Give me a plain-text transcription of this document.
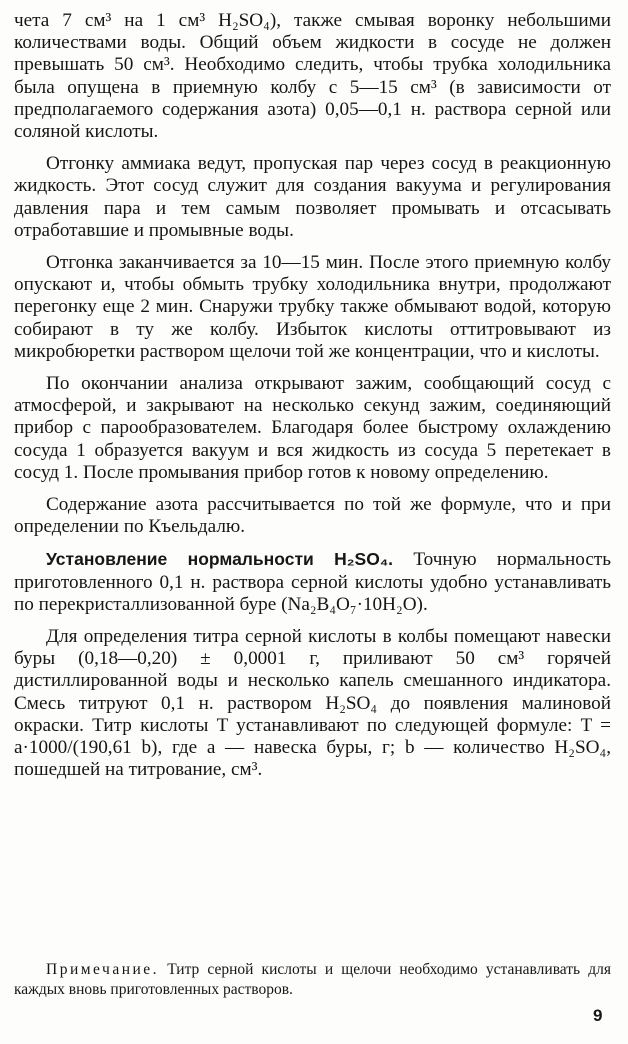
чета 7 см³ на 1 см³ H₂SO₄), также смывая воронку небольшими количествами воды. Общий объем жидкости в сосуде не должен превышать 50 см³. Необходимо следить, чтобы трубка холодильника была опущена в приемную колбу с 5—15 см³ (в зависимости от предполагаемого содержания азота) 0,05—0,1 н. раствора серной или соляной кислоты.

Отгонку аммиака ведут, пропуская пар через сосуд в реакционную жидкость. Этот сосуд служит для создания вакуума и регулирования давления пара и тем самым позволяет промывать и отсасывать отработавшие и промывные воды.

Отгонка заканчивается за 10—15 мин. После этого приемную колбу опускают и, чтобы обмыть трубку холодильника внутри, продолжают перегонку еще 2 мин. Снаружи трубку также обмывают водой, которую собирают в ту же колбу. Избыток кислоты оттитровывают из микробюретки раствором щелочи той же концентрации, что и кислоты.

По окончании анализа открывают зажим, сообщающий сосуд с атмосферой, и закрывают на несколько секунд зажим, соединяющий прибор с парообразователем. Благодаря более быстрому охлаждению сосуда 1 образуется вакуум и вся жидкость из сосуда 5 перетекает в сосуд 1. После промывания прибор готов к новому определению.

Содержание азота рассчитывается по той же формуле, что и при определении по Къельдалю.

Установление нормальности H₂SO₄. Точную нормальность приготовленного 0,1 н. раствора серной кислоты удобно устанавливать по перекристаллизованной буре (Na₂B₄O₇·10H₂O).

Для определения титра серной кислоты в колбы помещают навески буры (0,18—0,20) ± 0,0001 г, приливают 50 см³ горячей дистиллированной воды и несколько капель смешанного индикатора. Смесь титруют 0,1 н. раствором H₂SO₄ до появления малиновой окраски. Титр кислоты T устанавливают по следующей формуле: T = a·1000/(190,61 b), где a — навеска буры, г; b — количество H₂SO₄, пошедшей на титрование, см³.

Примечание. Титр серной кислоты и щелочи необходимо устанавливать для каждых вновь приготовленных растворов.
9
